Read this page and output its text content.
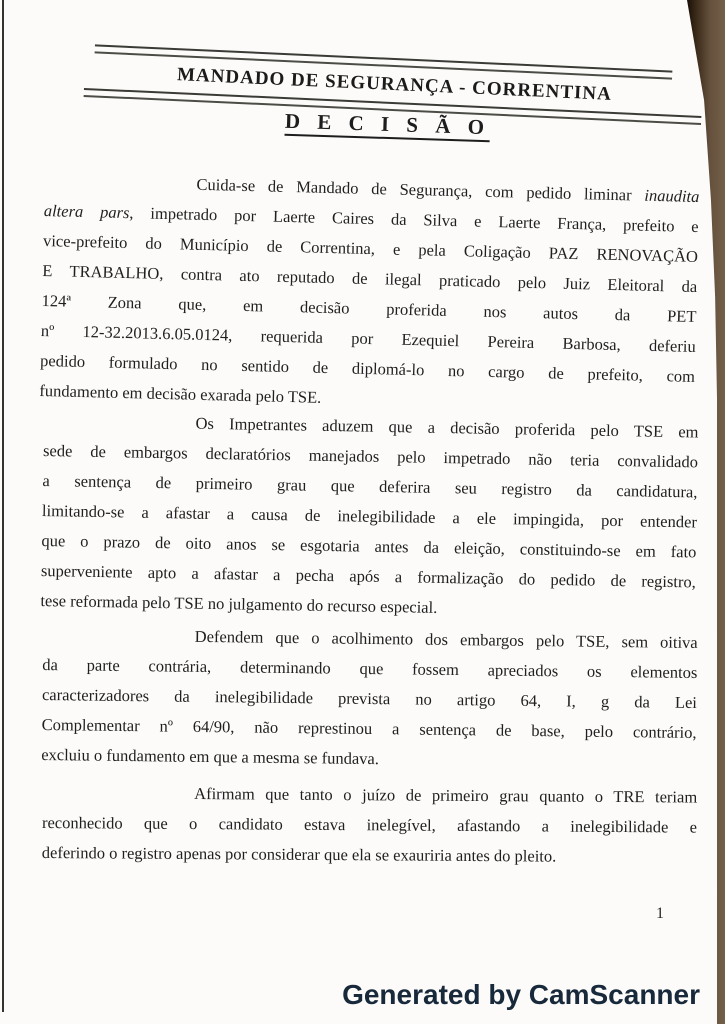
MANDADO DE SEGURANÇA - CORRENTINA
D E C I S Ã O
Cuida-se de Mandado de Segurança, com pedido liminar inaudita
altera pars, impetrado por Laerte Caires da Silva e Laerte França, prefeito e
vice-prefeito do Município de Correntina, e pela Coligação PAZ RENOVAÇÃO
E TRABALHO, contra ato reputado de ilegal praticado pelo Juiz Eleitoral da
124ª Zona que, em decisão proferida nos autos da PET
nº 12-32.2013.6.05.0124, requerida por Ezequiel Pereira Barbosa, deferiu
pedido formulado no sentido de diplomá-lo no cargo de prefeito, com
fundamento em decisão exarada pelo TSE.
Os Impetrantes aduzem que a decisão proferida pelo TSE em
sede de embargos declaratórios manejados pelo impetrado não teria convalidado
a sentença de primeiro grau que deferira seu registro da candidatura,
limitando-se a afastar a causa de inelegibilidade a ele impingida, por entender
que o prazo de oito anos se esgotaria antes da eleição, constituindo-se em fato
superveniente apto a afastar a pecha após a formalização do pedido de registro,
tese reformada pelo TSE no julgamento do recurso especial.
Defendem que o acolhimento dos embargos pelo TSE, sem oitiva
da parte contrária, determinando que fossem apreciados os elementos
caracterizadores da inelegibilidade prevista no artigo 64, I, g da Lei
Complementar nº 64/90, não represtinou a sentença de base, pelo contrário,
excluiu o fundamento em que a mesma se fundava.
Afirmam que tanto o juízo de primeiro grau quanto o TRE teriam
reconhecido que o candidato estava inelegível, afastando a inelegibilidade e
deferindo o registro apenas por considerar que ela se exauriria antes do pleito.
1
Generated by CamScanner
